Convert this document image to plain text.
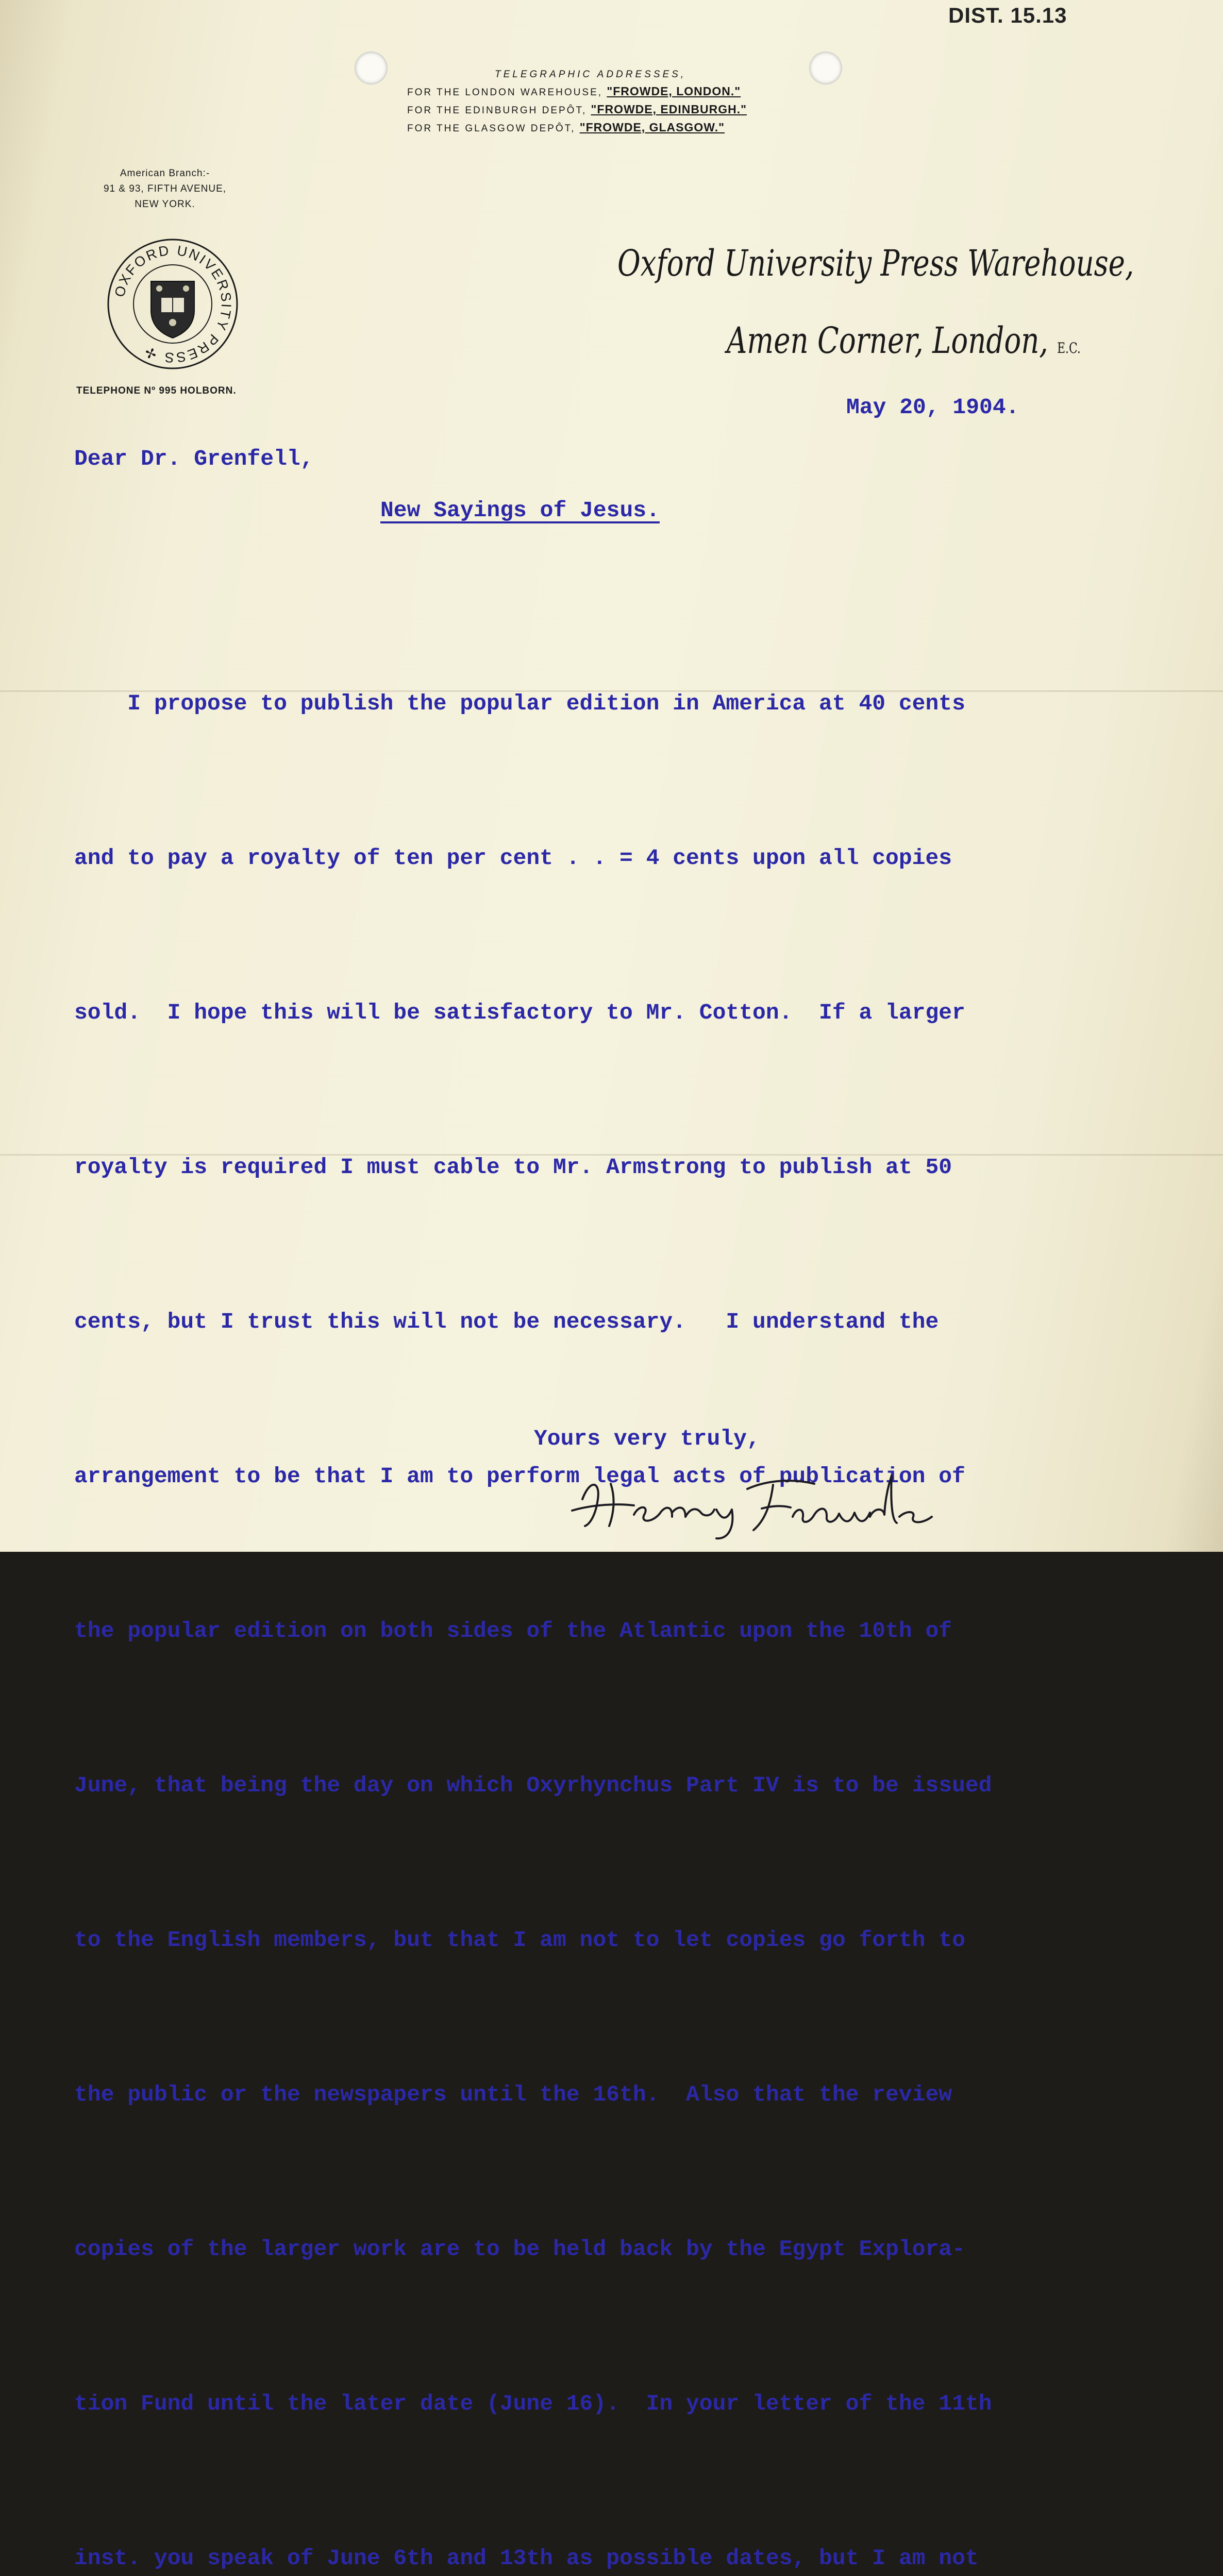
DIST. 15.13
TELEGRAPHIC ADDRESSES,
FOR THE LONDON WAREHOUSE, "FROWDE, LONDON."
FOR THE EDINBURGH DEPÔT, "FROWDE, EDINBURGH."
FOR THE GLASGOW DEPÔT, "FROWDE, GLASGOW."
American Branch:-
91 & 93, FIFTH AVENUE,
NEW YORK.
OXFORD UNIVERSITY PRESS ✢
TELEPHONE Nº 995 HOLBORN.
Oxford University Press Warehouse,
Amen Corner, London, E.C.
May 20, 1904.
Dear Dr. Grenfell,
New Sayings of Jesus.

I propose to publish the popular edition in America at 40 cents

and to pay a royalty of ten per cent . . = 4 cents upon all copies

sold.  I hope this will be satisfactory to Mr. Cotton.  If a larger

royalty is required I must cable to Mr. Armstrong to publish at 50

cents, but I trust this will not be necessary.   I understand the

arrangement to be that I am to perform legal acts of publication of

the popular edition on both sides of the Atlantic upon the 10th of

June, that being the day on which Oxyrhynchus Part IV is to be issued

to the English members, but that I am not to let copies go forth to

the public or the newspapers until the 16th.  Also that the review

copies of the larger work are to be held back by the Egypt Explora-

tion Fund until the later date (June 16).  In your letter of the 11th

inst. you speak of June 6th and 13th as possible dates, but I am not

Yours very truly,
